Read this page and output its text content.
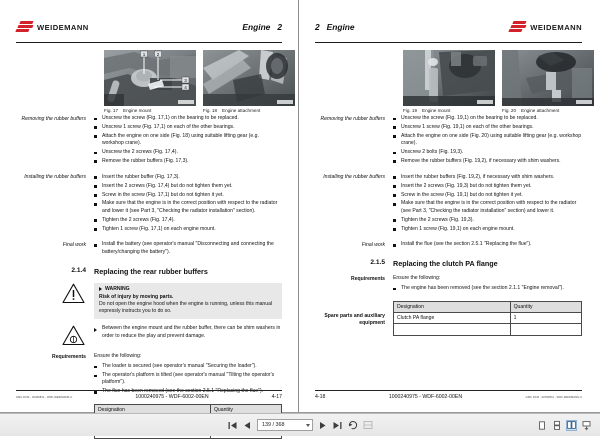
WEIDEMANN	Engine 2
1 2
3
4
Fig. 17 Engine mount	Fig. 18 Engine attachment
Removing the rubber buffers	Unscrew the screw (Fig. 17,1) on the bearing to be replaced.
Unscrew 1 screw (Fig. 17,1) on each of the other bearings.
Attach the engine on one side (Fig. 18) using suitable lifting gear (e.g. workshop crane).
Unscrew the 2 screws (Fig. 17,4).
Remove the rubber buffers (Fig. 17,3).
Installing the rubber buffers	Insert the rubber buffer (Fig. 17,3).
Insert the 2 screws (Fig. 17,4) but do not tighten them yet.
Screw in the screw (Fig. 17,1) but do not tighten it yet.
Make sure that the engine is in the correct position with respect to the radiator and lower it (see Part 3, "Checking the radiator installation" section).
Tighten the 2 screws (Fig. 17,4).
Tighten 1 screw (Fig. 17,1) on each engine mount.
Final work	Install the battery (see operator's manual "Disconnecting and connecting the battery/changing the battery").
2.1.4	Replacing the rear rubber buffers
WARNING

Risk of injury by moving parts.

Do not open the engine hood when the engine is running, unless this manual expressly instructs you to do so.

Between the engine mount and the rubber buffer, there can be shim washers in order to reduce the play and prevent damage.
Requirements	Ensure the following:

The loader is secured (see operator's manual "Securing the loader").
The operator's platform is tilted (see operator's manual "Tilting the operator's platform").
The flue has been removed (see the section 2.5.1 "Replacing the flue").
Designation	Quantity

GMC DCM - 02/08/841 - WDF-WEIDMANN-U	1000240975 - WDF-6002-00EN	4-17
2 Engine	WEIDEMANN
Fig. 19 Engine mount	Fig. 20 Engine attachment
Removing the rubber buffers	Unscrew the screw (Fig. 19,1) on the bearing to be replaced.
Unscrew 1 screw (Fig. 19,1) on each of the other bearings.
Attach the engine on one side (Fig. 20) using suitable lifting gear (e.g. workshop crane).
Unscrew 2 bolts (Fig. 19,3).
Remove the rubber buffers (Fig. 19,2), if necessary with shim washers.
Installing the rubber buffers	Insert the rubber buffers (Fig. 19,2), if necessary with shim washers.
Insert the 2 screws (Fig. 19,3) but do not tighten them yet.
Screw in the screw (Fig. 19,1) but do not tighten it yet.
Make sure that the engine is in the correct position with respect to the radiator (see Part 3, "Checking the radiator installation" section) and lower it.
Tighten the 2 screws (Fig. 19,3).
Tighten 1 screw (Fig. 19,1) on each engine mount.
Final work	Install the flue (see the section 2.5.1 "Replacing the flue").
2.1.5	Replacing the clutch PA flange
Requirements	Ensure the following:

The engine has been removed (see the section 2.1.1 "Engine removal").
Spare parts and auxiliary equipment
Designation	Quantity
Clutch PA flange	1

4-18	1000240975 - WDF-6002-00EN	GMC DCM - 02/08/841 - WDF-WEIDMANN-U
139 / 368
